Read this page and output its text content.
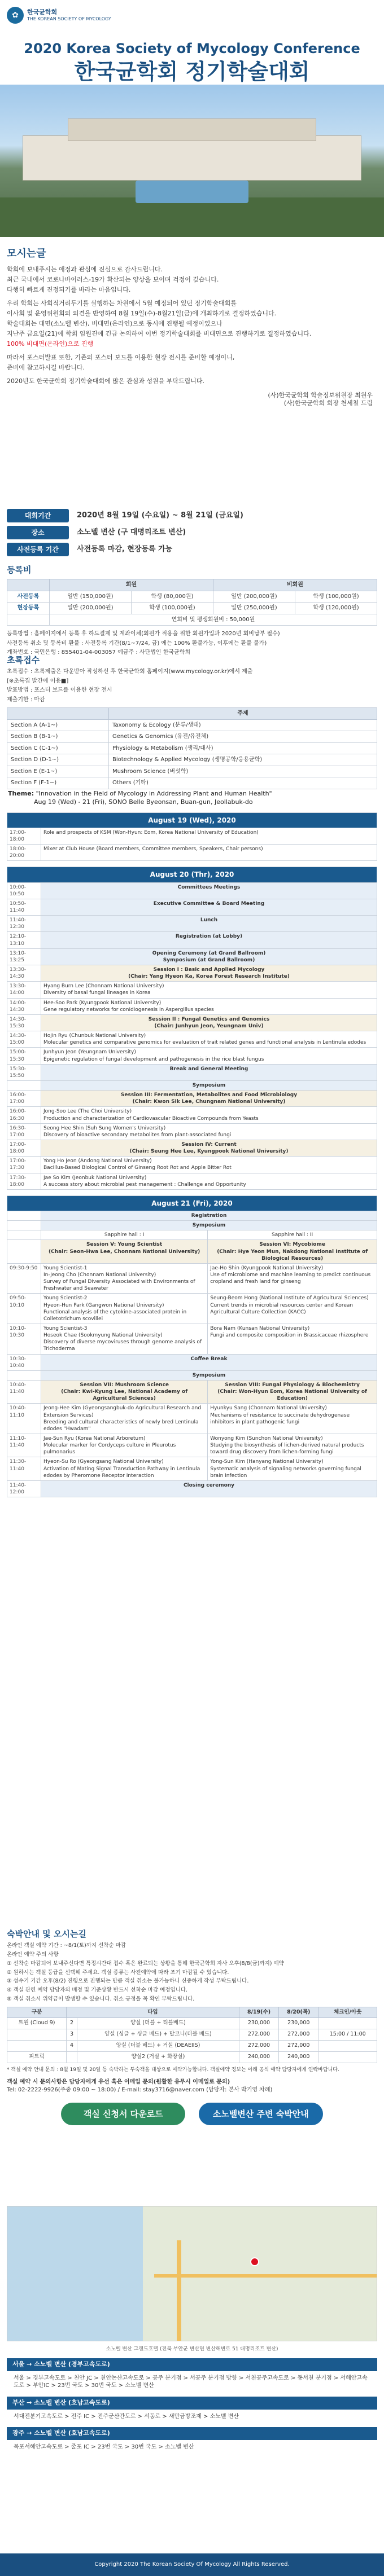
✿	한국균학회
THE KOREAN SOCIETY OF MYCOLOGY
2020 Korea Society of Mycology Conference
한국균학회 정기학술대회
모시는글

학회에 보내주시는 애정과 관심에 진심으로 감사드립니다.

최근 국내에서 코로나바이러스-19가 확산되는 양상을 보이며 걱정이 깊습니다.

다행히 빠르게 진정되기를 바라는 마음입니다.

우리 학회는 사회적거리두기를 실행하는 차원에서 5월 예정되어 있던 정기학술대회를

이사회 및 운영위원회의 의견을 반영하여 8월 19일(수)-8월21일(금)에 개최하기로 결정하였습니다.

학술대회는 대면(소노벨 변산), 비대면(온라인)으로 동시에 진행될 예정이었으나

지난주 금요일(21)에 학회 임원진에 긴급 논의하여 이번 정기학술대회를 비대면으로 진행하기로 결정하였습니다.

100% 비대면(온라인)으로 진행

따라서 포스터발표 또한, 기존의 포스터 보드를 이용한 현장 전시를 준비할 예정이니,

준비에 참고하시길 바랍니다.

2020년도 한국균학회 정기학술대회에 많은 관심과 성원을 부탁드립니다.

(사)한국균학회 학술정보위원장 최원우
(사)한국균학회 회장 천세철 드림
대회기간	2020년 8월 19일 (수요일) ~ 8월 21일 (금요일)
장소	소노벨 변산 (구 대명리조트 변산)
사전등록 기간	사전등록 마감, 현장등록 가능
등록비
	회원		비회원	
사전등록	일반 (150,000원)	학생 (80,000원)	일반 (200,000원)	학생 (100,000원)
현장등록	일반 (200,000원)	학생 (100,000원)	일반 (250,000원)	학생 (120,000원)
	연회비 및 평생회원비 : 50,000원			

등록방법 : 홈페이지에서 등록 후 하드결제 및 계좌이체(회원가 적용을 위한 회원가입과 2020년 회비납부 필수)

사전등록 취소 및 등록비 환불 : 사전등록 기간(8/1~7/24, 금) 에는 100% 환불가능, 이후에는 환불 불가)

계좌번호 : 국민은행 : 855401-04-003057 예금주 : 사단법인 한국균학회

초록접수

초록접수 : 초록제출은 다운받아 작성하신 후 한국균학회 홈페이지(www.mycology.or.kr)에서 제출

[※초록집 발간에 이용■]

발표방법 : 포스터 보드를 이용한 현장 전시

제출기한 : 마감

	주제
Section A (A-1~)	Taxonomy & Ecology (분류/생태)
Section B (B-1~)	Genetics & Genomics (유전/유전체)
Section C (C-1~)	Physiology & Metabolism (생리/대사)
Section D (D-1~)	Biotechnology & Applied Mycology (생명공학/응용균학)
Section E (E-1~)	Mushroom Science (버섯학)
Section F (F-1~)	Others (기타)
Theme: "Innovation in the Field of Mycology in Addressing Plant and Human Health"
Aug 19 (Wed) - 21 (Fri), SONO Belle Byeonsan, Buan-gun, Jeollabuk-do
August 19 (Wed), 2020	
17:00-18:00	Role and prospects of KSM (Won-Hyun: Eom, Korea National University of Education)
18:00-20:00	Mixer at Club House (Board members, Committee members, Speakers, Chair persons)
August 20 (Thr), 2020	
10:00-10:50	Committees Meetings
10:50-11:40	Executive Committee & Board Meeting
11:40-12:30	Lunch
12:10-13:10	Registration (at Lobby)
13:10-13:25	Opening Ceremony (at Grand Ballroom)
Symposium (at Grand Ballroom)
13:30-14:30	Session I : Basic and Applied Mycology
(Chair: Yang Hyeon Ka, Korea Forest Research Institute)
13:30-14:00	Hyang Burn Lee (Chonnam National University)
Diversity of basal fungal lineages in Korea
14:00-14:30	Hee-Soo Park (Kyungpook National University)
Gene regulatory networks for conidiogenesis in Aspergillus species
14:30-15:30	Session II : Fungal Genetics and Genomics
(Chair: Junhyun Jeon, Yeungnam Univ)
14:30-15:00	Hojin Ryu (Chunbuk National University)
Molecular genetics and comparative genomics for evaluation of trait related genes and functional analysis in Lentinula edodes
15:00-15:30	Junhyun Jeon (Yeungnam University)
Epigenetic regulation of fungal development and pathogenesis in the rice blast fungus
15:30-15:50	Break and General Meeting
	Symposium
16:00-17:00	Session III: Fermentation, Metabolites and Food Microbiology
(Chair: Kwon Sik Lee, Chungnam National University)
16:00-16:30	Jong-Soo Lee (The Choi University)
Production and characterization of Cardiovascular Bioactive Compounds from Yeasts
16:30-17:00	Seong Hee Shin (Suh Sung Women's University)
Discovery of bioactive secondary metabolites from plant-associated fungi
17:00-18:00	Session IV: Current
(Chair: Seung Hee Lee, Kyungpook National University)
17:00-17:30	Yong Ho Jeon (Andong National University)
Bacillus-Based Biological Control of Ginseng Root Rot and Apple Bitter Rot
17:30-18:00	Jae So Kim (Jeonbuk National University)
A success story about microbial pest management : Challenge and Opportunity
August 21 (Fri), 2020		
	Registration	
	Symposium	
	Sapphire hall : I	Sapphire hall : II
	Session V: Young Scientist
(Chair: Seon-Hwa Lee, Chonnam National University)	Session VI: Mycobiome
(Chair: Hye Yeon Mun, Nakdong National Institute of Biological Resources)
09:30-9:50	Young Scientist-1
In-Jeong Cho (Chonnam National University)
Survey of Fungal Diversity Associated with Environments of Freshwater and Seawater	Jae-Ho Shin (Kyungpook National University)
Use of microbiome and machine learning to predict continuous cropland and fresh land for ginseng
09:50-10:10	Young Scientist-2
Hyeon-Hun Park (Gangwon National University)
Functional analysis of the cytokine-associated protein in Colletotrichum scovillei	Seung-Beom Hong (National Institute of Agricultural Sciences)
Current trends in microbial resources center and Korean Agricultural Culture Collection (KACC)
10:10-10:30	Young Scientist-3
Hoseok Chae (Sookmyung National University)
Discovery of diverse mycoviruses through genome analysis of Trichoderma	Bora Nam (Kunsan National University)
Fungi and composite composition in Brassicaceae rhizosphere
10:30-10:40	Coffee Break	
	Symposium	
10:40-11:40	Session VII: Mushroom Science
(Chair: Kwi-Kyung Lee, National Academy of Agricultural Sciences)	Session VIII: Fungal Physiology & Biochemistry
(Chair: Won-Hyun Eom, Korea National University of Education)
10:40-11:10	Jeong-Hee Kim (Gyeongsangbuk-do Agricultural Research and Extension Services)
Breeding and cultural characteristics of newly bred Lentinula edodes "Hwadam"	Hyunkyu Sang (Chonnam National University)
Mechanisms of resistance to succinate dehydrogenase inhibitors in plant pathogenic fungi
11:10-11:40	Jae-Sun Ryu (Korea National Arboretum)
Molecular marker for Cordyceps culture in Pleurotus pulmonarius	Wonyong Kim (Sunchon National University)
Studying the biosynthesis of lichen-derived natural products toward drug discovery from lichen-forming fungi
11:30-11:40	Hyeon-Su Ro (Gyeongsang National University)
Activation of Mating Signal Transduction Pathway in Lentinula edodes by Pheromone Receptor Interaction	Yong-Sun Kim (Hanyang National University)
Systematic analysis of signaling networks governing fungal brain infection
11:40-12:00	Closing ceremony	
숙박안내 및 오시는길

온라인 객실 예약 기간 : ~8/1(토)까지 선착순 마감

온라인 예약 주의 사항

① 선착순 마감되어 보내주신다면 특정시간대 접수 혹은 완료되는 상황을 통해 한국균학회 자사 오후(8/8(금)까지) 예약

② 원하시는 객실 등급을 선택해 주세요. 객실 종류는 사전예약에 따라 조기 마감될 수 있습니다.

③ 성수기 기간 오후(8/2) 진행으로 진행되는 만큼 객실 취소는 불가능하니 신중하게 작성 부탁드립니다.

④ 객실 관련 예약 담당자의 배정 및 기준상황 반드시 선착순 마감 예정입니다.

⑤ 객실 취소시 위약금이 발생할 수 있습니다. 취소 규정을 꼭 확인 부탁드립니다.

구분	타입		8/19(수)	8/20(목)	체크인/아웃
트윈 (Cloud 9)	2	양실 (더블 + 티블베드)	230,000	230,000	
	3	양실 (싱글 + 싱글 베드) + 발코니(더블 베드)	272,000	272,000	15:00 / 11:00
	4	양실 (더블 베드) + 거실 (DEAEIIS)	272,000	272,000	
피트릭		양실2 (거실 + 화장실)	240,000	240,000	
* 객실 예약 안내 문의 : 8월 19일 및 20일 등 숙박하는 투숙객을 대상으로 예약가능합니다. 객실예약 정보는 아래 공식 예약 담당자에게 연락바랍니다.
객실 예약 시 문의사항은 담당자에게 유선 혹은 이메일 문의(원활한 유무시 이메일로 문의)
Tel: 02-2222-9926(주중 09:00 ~ 18:00) / E-mail: stay3716@naver.com (담당자: 본사 박기영 차례)
객실 신청서 다운로드	소노벨변산 주변 숙박안내
소노벨 변산 그랜드호텔 (전북 부안군 변산면 변산해변로 51 대명리조트 변산)
서울 → 소노벨 변산 (경부고속도로)
서울 > 경부고속도로 > 천안 JC > 천안논산고속도로 > 공주 분기점 > 서공주 분기점 방향 > 서천공주고속도로 > 동서천 분기점 > 서해안고속도로 > 부안IC > 23번 국도 > 30번 국도 > 소노벨 변산
부산 → 소노벨 변산 (호남고속도로)
서대전분기고속도로 > 전주 IC > 전주군산간도로 > 서동로 > 새만금방조제 > 소노벨 변산
광주 → 소노벨 변산 (호남고속도로)
목포서해안고속도로 > 줄포 IC > 23번 국도 > 30번 국도 > 소노벨 변산
Copyright 2020 The Korean Society Of Mycology All Rights Reserved.
